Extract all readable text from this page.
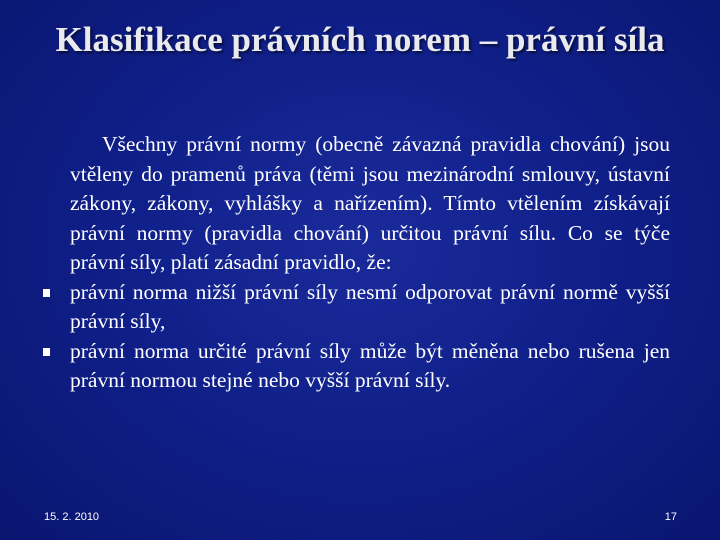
Klasifikace právních norem – právní síla

Všechny právní normy (obecně závazná pravidla chování) jsou vtěleny do pramenů práva (těmi jsou mezinárodní smlouvy, ústavní zákony, zákony, vyhlášky a nařízením). Tímto vtělením získávají právní normy (pravidla chování) určitou právní sílu. Co se týče právní síly, platí zásadní pravidlo, že:

právní norma nižší právní síly nesmí odporovat právní normě vyšší právní síly,
právní norma určité právní síly může být měněna nebo rušena jen právní normou stejné nebo vyšší právní síly.
15. 2. 2010	17
